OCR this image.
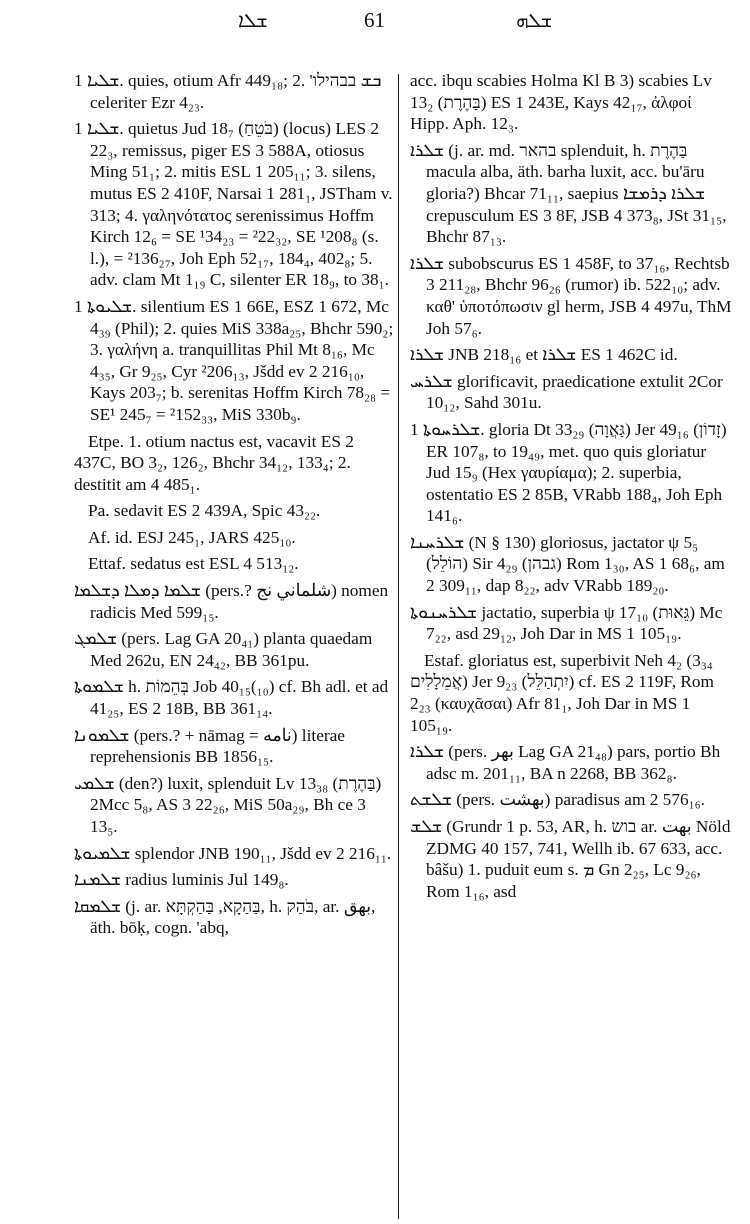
ܫܠܐ	61	ܫܠܗ
ܫܠܝܐ 1. quies, otium Afr 449₁₈; 2. 'ܒܫ בבהילו celeriter Ezr 4₂₃.
ܫܠܝܐ 1. quietus Jud 18₇ (בֹּטֵחַ) (locus) LES 2 22₃, remissus, piger ES 3 588A, otiosus Ming 51₁; 2. mitis ESL 1 205₁₁; 3. silens, mutus ES 2 410F, Narsai 1 281₁, JSTham v. 313; 4. γαληνότατος serenissimus Hoffm Kirch 12₆ = SE ¹34₂₃ = ²22₃₂, SE ¹208₈ (s. l.), = ²136₂₇, Joh Eph 52₁₇, 184₄, 402₈; 5. adv. clam Mt 1₁₉ C, silenter ER 18₉, to 38₁.
ܫܠܝܘܬܐ 1. silentium ES 1 66E, ESZ 1 672, Mc 4₃₉ (Phil); 2. quies MiS 338a₂₅, Bhchr 590₂; 3. γαλήνη a. tranquillitas Phil Mt 8₁₆, Mc 4₃₅, Gr 9₂₅, Cyr ²206₁₃, Jšdd ev 2 216₁₀, Kays 203₇; b. serenitas Hoffm Kirch 78₂₈ = SE¹ 245₇ = ²152₃₃, MiS 330b₉.
Etpe. 1. otium nactus est, vacavit ES 2 437C, BO 3₂, 126₂, Bhchr 34₁₂, 133₄; 2. destitit am 4 485₁.
Pa. sedavit ES 2 439A, Spic 43₂₂.
Af. id. ESJ 245₁, JARS 425₁₀.
Ettaf. sedatus est ESL 4 513₁₂.
ܫܠܡܐ ܕܡܠܐ ܕܫܠܡܐ (pers.? شلماني نج) nomen radicis Med 599₁₅.
ܫܠܡܓ (pers. Lag GA 20₄₁) planta quaedam Med 262u, EN 24₄₂, BB 361pu.
ܫܠܡܘܬܐ h. בְּהֵמוֹת Job 40₁₅(₁₀) cf. Bh adl. et ad 41₂₅, ES 2 18B, BB 361₁₄.
ܫܠܡܘܢܐ (pers.? + nāmag = نامه) literae reprehensionis BB 1856₁₅.
ܫܠܡܝ (den?) luxit, splenduit Lv 13₃₈ (בַּהֶרֶת) 2Mcc 5₈, AS 3 22₂₆, MiS 50a₂₉, Bh ce 3 13₅.
ܫܠܡܝܘܬܐ splendor JNB 190₁₁, Jšdd ev 2 216₁₁.
ܫܠܡܢܐ radius luminis Jul 149₈.
ܫܠܡܩܐ (j. ar. בַּהַקָא, בַּהַקְתָּא, h. בֹּהַק, ar. بهق, äth. bōḳ, cogn. 'abq,
acc. ibqu scabies Holma Kl B 3) scabies Lv 13₂ (בַּהֶרֶת) ES 1 243E, Kays 42₁₇, ἀλφοί Hipp. Aph. 12₃.
ܫܠܪܐ (j. ar. md. בהאר splenduit, h. בַּהֶרֶת macula alba, äth. barha luxit, acc. bu'āru gloria?) Bhcar 71₁₁, saepius ܫܠܪܐ ܕܪܡܫܐ crepusculum ES 3 8F, JSB 4 373₈, JSt 31₁₅, Bhchr 87₁₃.
ܫܠܪܐ subobscurus ES 1 458F, to 37₁₆, Rechtsb 3 211₂₈, Bhchr 96₂₆ (rumor) ib. 522₁₀; adv. καθ' ὑποτόπωσιν gl herm, JSB 4 497u, ThM Joh 57₆.
ܫܠܪܐ JNB 218₁₆ et ܫܠܪܐ ES 1 462C id.
ܫܠܪܚ glorificavit, praedicatione extulit 2Cor 10₁₂, Sahd 301u.
ܫܠܪܚܘܬܐ 1. gloria Dt 33₂₉ (גַּאֲוָה) Jer 49₁₆ (זָדוֹן) ER 107₈, to 19₄₉, met. quo quis gloriatur Jud 15₉ (Hex γαυρίαμα); 2. superbia, ostentatio ES 2 85B, VRabb 188₄, Joh Eph 141₆.
ܫܠܪܚܢܐ (N § 130) gloriosus, jactator ψ 5₅ (הוֹלֵל) Sir 4₂₉ (גבהן) Rom 1₃₀, AS 1 68₆, am 2 309₁₁, dap 8₂₂, adv VRabb 189₂₀.
ܫܠܪܚܢܘܬܐ jactatio, superbia ψ 17₁₀ (גֵּאוּת) Mc 7₂₂, asd 29₁₂, Joh Dar in MS 1 105₁₉.
Estaf. gloriatus est, superbivit Neh 4₂ (3₃₄ אֲמֵלָלִים) Jer 9₂₃ (יִתְהַלֵּל) cf. ES 2 119F, Rom 2₂₃ (καυχᾶσαι) Afr 81₁, Joh Dar in MS 1 105₁₉.
ܫܠܪܐ (pers. بهر Lag GA 21₄₈) pars, portio Bh adsc m. 201₁₁, BA n 2268, BB 362₈.
ܫܠܫܬ (pers. بهشت) paradisus am 2 576₁₆.
ܫܠܫ (Grundr 1 p. 53, AR, h. בוש ar. بهت Nöld ZDMG 40 157, 741, Wellh ib. 67 633, acc. bâšu) 1. puduit eum s. ܡ Gn 2₂₅, Lc 9₂₆, Rom 1₁₆, asd
